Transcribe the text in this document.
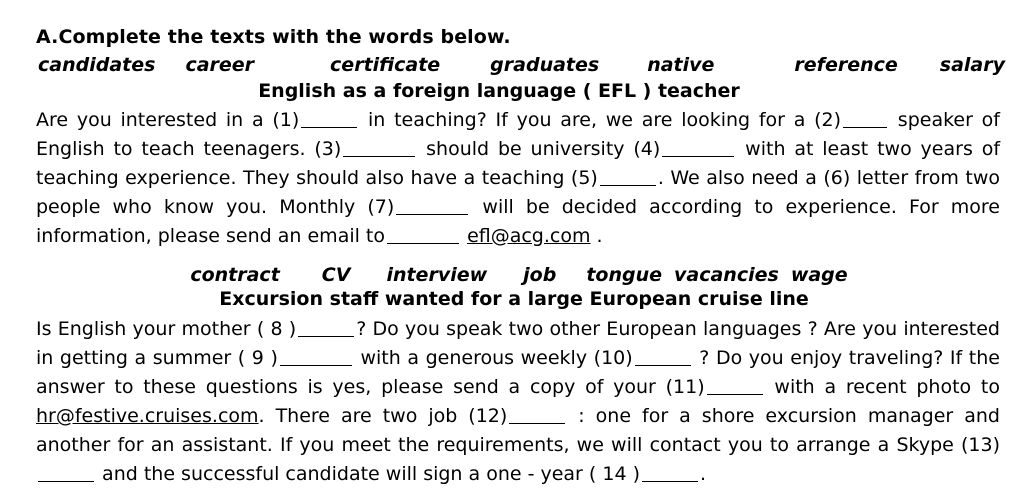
A.Complete the texts with the words below.

candidates career	certificate	graduates	native	reference salary

English as a foreign language ( EFL ) teacher

Are you interested in a (1)	in teaching? If you are, we are looking for a (2)	speaker of English to teach teenagers. (3)	should be university (4)	with at least two years of teaching experience. They should also have a teaching (5)	. We also need a (6) letter from two people who know you. Monthly (7)	will be decided according to experience. For more information, please send an email to	efl@acg.com .

contract CV interview job tongue vacancies wage

Excursion staff wanted for a large European cruise line

Is English your mother ( 8 )	? Do you speak two other European languages ? Are you interested in getting a summer ( 9 )	with a generous weekly (10)	? Do you enjoy traveling? If the answer to these questions is yes, please send a copy of your (11)	with a recent photo to hr@festive.cruises.com. There are two job (12)	: one for a shore excursion manager and another for an assistant. If you meet the requirements, we will contact you to arrange a Skype (13) and the successful candidate will sign a one - year ( 14 )	.
